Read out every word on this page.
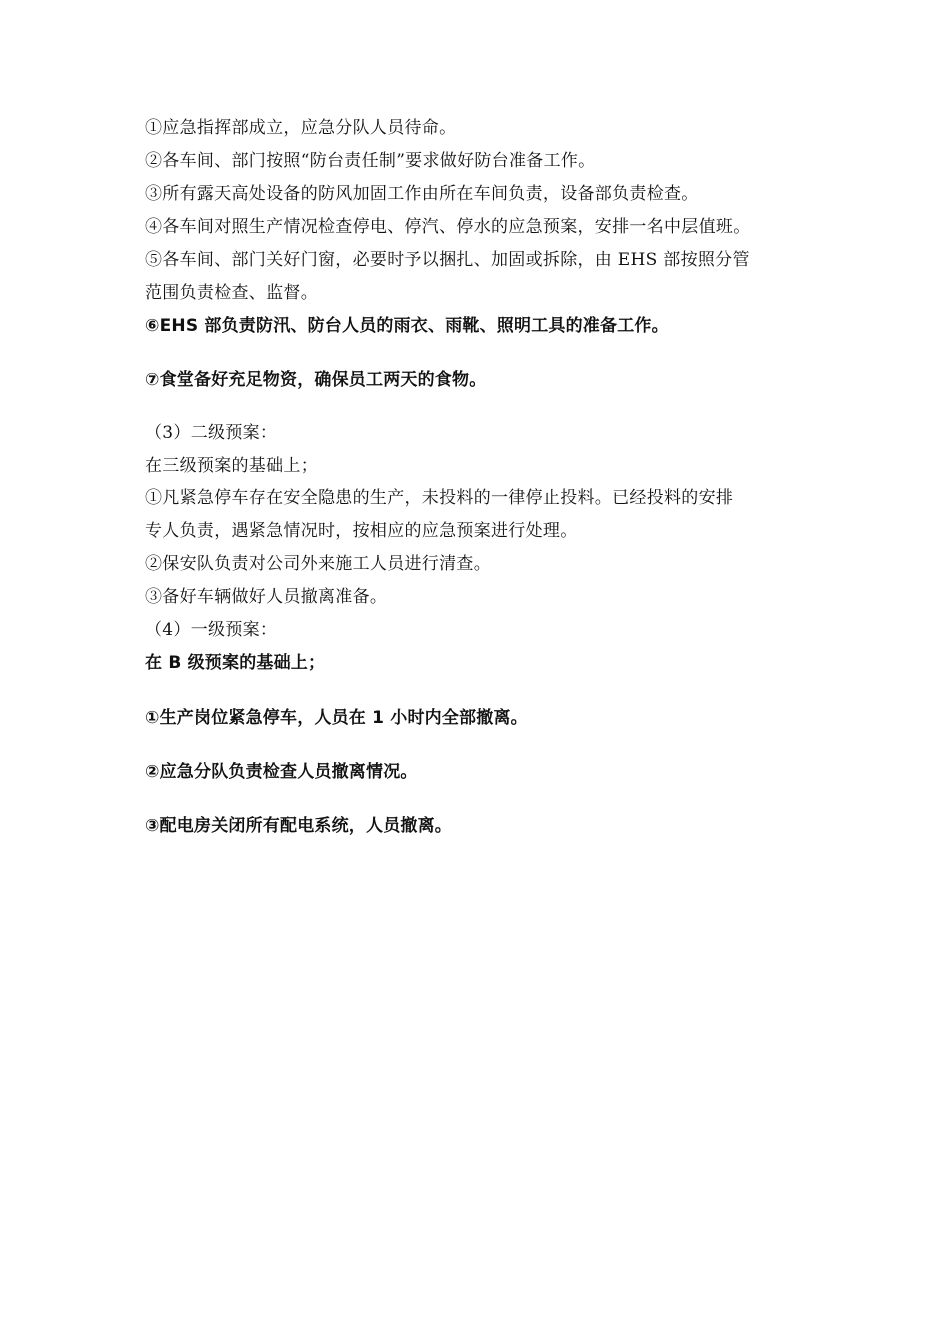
①应急指挥部成立，应急分队人员待命。
②各车间、部门按照“防台责任制”要求做好防台准备工作。
③所有露天高处设备的防风加固工作由所在车间负责，设备部负责检查。
④各车间对照生产情况检查停电、停汽、停水的应急预案，安排一名中层值班。
⑤各车间、部门关好门窗，必要时予以捆扎、加固或拆除，由 EHS 部按照分管
范围负责检查、监督。
⑥EHS 部负责防汛、防台人员的雨衣、雨靴、照明工具的准备工作。
⑦食堂备好充足物资，确保员工两天的食物。
（3）二级预案：
在三级预案的基础上；
①凡紧急停车存在安全隐患的生产，未投料的一律停止投料。已经投料的安排
专人负责，遇紧急情况时，按相应的应急预案进行处理。
②保安队负责对公司外来施工人员进行清查。
③备好车辆做好人员撤离准备。
（4）一级预案：
在 B 级预案的基础上；
①生产岗位紧急停车，人员在 1 小时内全部撤离。
②应急分队负责检查人员撤离情况。
③配电房关闭所有配电系统，人员撤离。
